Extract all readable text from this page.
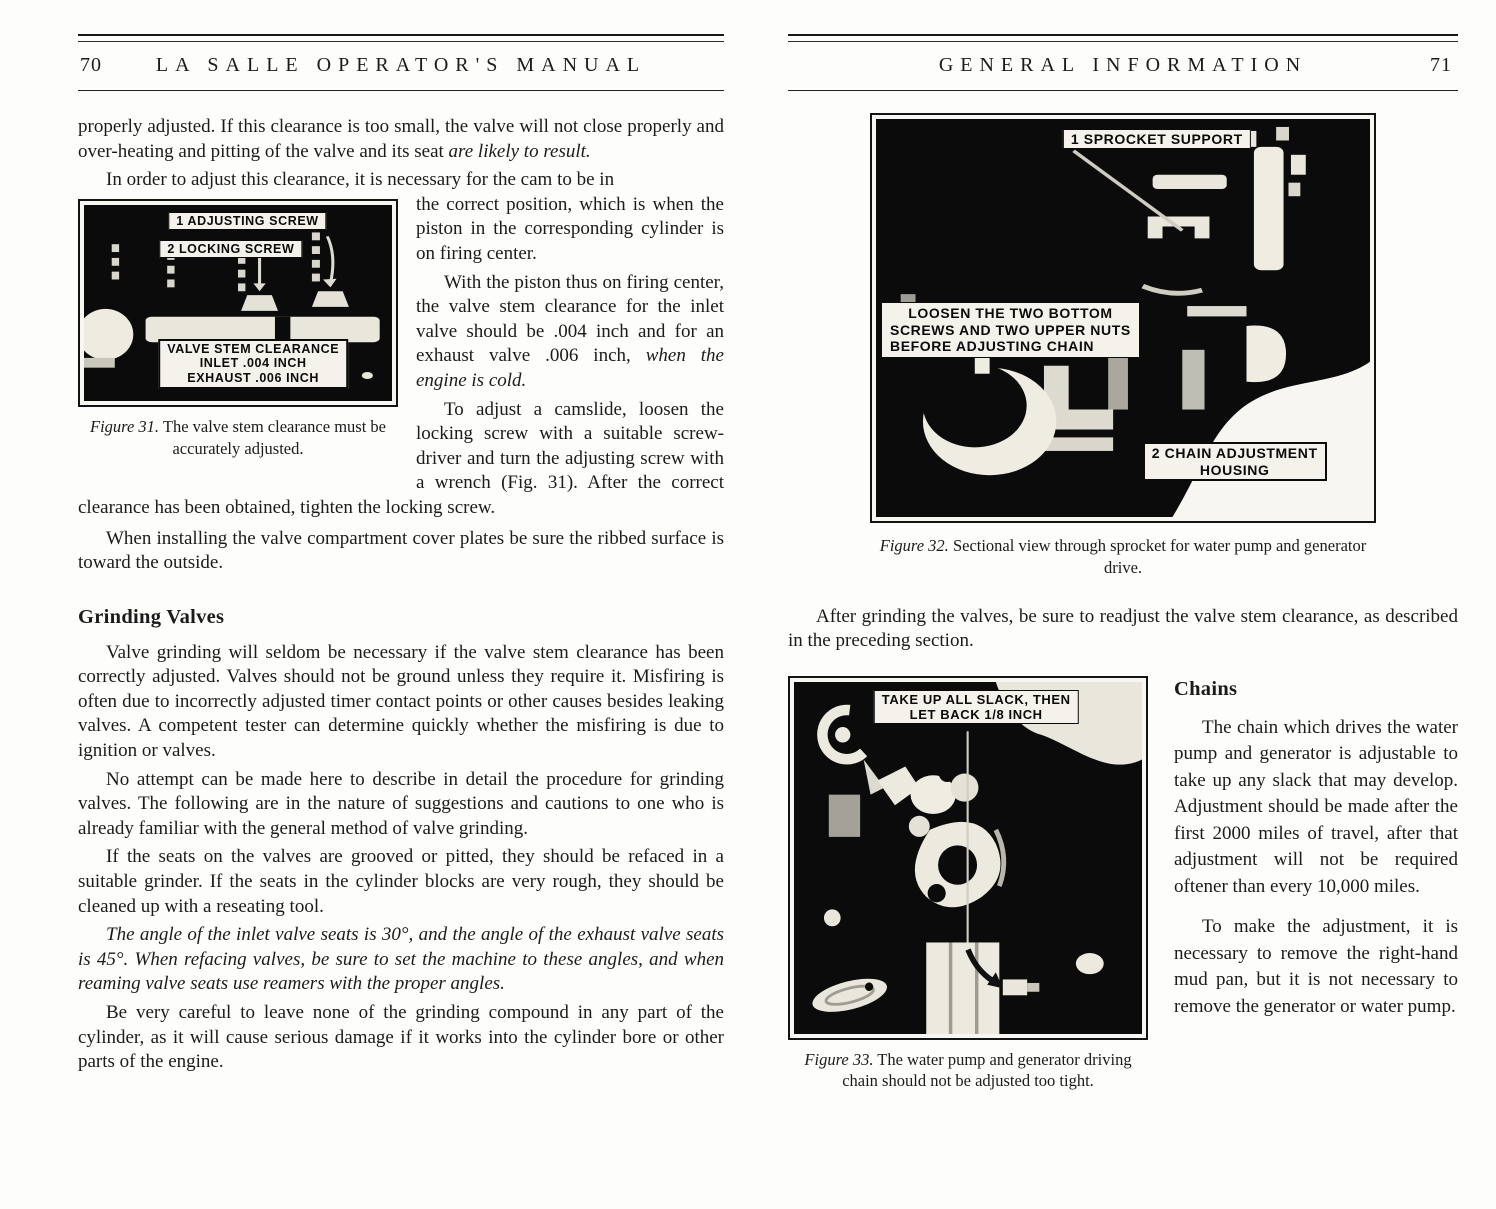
70	LA SALLE OPERATOR'S MANUAL

properly adjusted. If this clearance is too small, the valve will not close properly and over-heating and pitting of the valve and its seat are likely to result.

In order to adjust this clearance, it is necessary for the cam to be in

1 ADJUSTING SCREW
2 LOCKING SCREW
VALVE STEM CLEARANCE
INLET .004 INCH
EXHAUST .006 INCH
Figure 31. The valve stem clearance must be accurately adjusted.

the correct position, which is when the piston in the corresponding cylinder is on firing center.

With the piston thus on firing center, the valve stem clearance for the inlet valve should be .004 inch and for an exhaust valve .006 inch, when the engine is cold.

To adjust a camslide, loosen the locking screw with a suitable screw-driver and turn the adjusting screw with a wrench (Fig. 31). After the correct clearance has been obtained, tighten the locking screw.

When installing the valve compartment cover plates be sure the ribbed surface is toward the outside.

Grinding Valves

Valve grinding will seldom be necessary if the valve stem clearance has been correctly adjusted. Valves should not be ground unless they require it. Misfiring is often due to incorrectly adjusted timer contact points or other causes besides leaking valves. A competent tester can determine quickly whether the misfiring is due to ignition or valves.

No attempt can be made here to describe in detail the procedure for grinding valves. The following are in the nature of suggestions and cautions to one who is already familiar with the general method of valve grinding.

If the seats on the valves are grooved or pitted, they should be refaced in a suitable grinder. If the seats in the cylinder blocks are very rough, they should be cleaned up with a reseating tool.

The angle of the inlet valve seats is 30°, and the angle of the exhaust valve seats is 45°. When refacing valves, be sure to set the machine to these angles, and when reaming valve seats use reamers with the proper angles.

Be very careful to leave none of the grinding compound in any part of the cylinder, as it will cause serious damage if it works into the cylinder bore or other parts of the engine.

GENERAL INFORMATION	71
1 SPROCKET SUPPORT
LOOSEN THE TWO BOTTOM
SCREWS AND TWO UPPER NUTS
BEFORE ADJUSTING CHAIN
2 CHAIN ADJUSTMENT
HOUSING
Figure 32. Sectional view through sprocket for water pump and generator drive.

After grinding the valves, be sure to readjust the valve stem clearance, as described in the preceding section.

TAKE UP ALL SLACK, THEN
LET BACK 1/8 INCH
Figure 33. The water pump and generator driving chain should not be adjusted too tight.
Chains

The chain which drives the water pump and generator is adjustable to take up any slack that may develop. Adjustment should be made after the first 2000 miles of travel, after that adjustment will not be required oftener than every 10,000 miles.

To make the adjustment, it is necessary to remove the right-hand mud pan, but it is not necessary to remove the generator or water pump.
